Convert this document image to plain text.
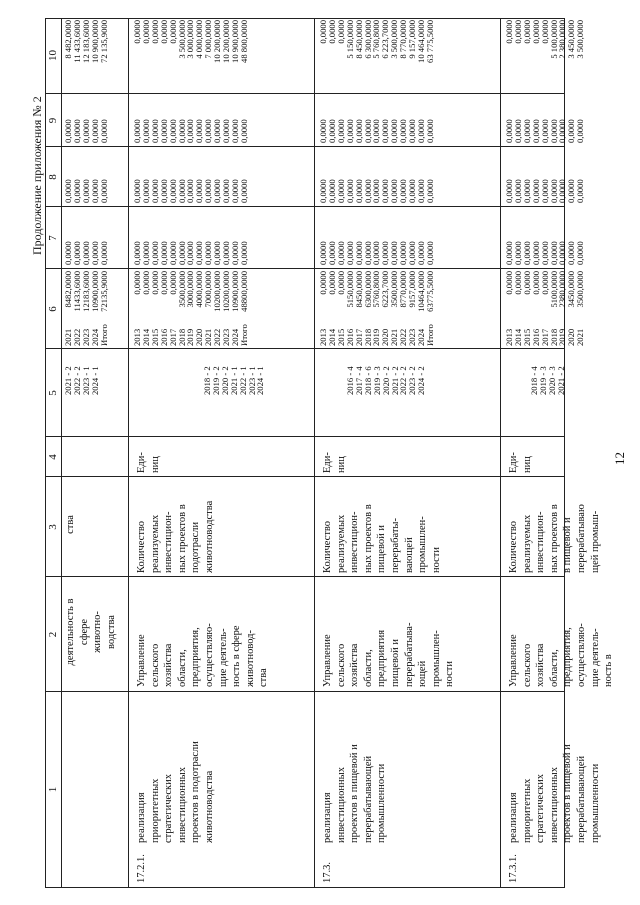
12
Продолжение приложения № 2
1
2
3
4
5
6
7
8
9
10
деятельность в
сфере
животно-
водства
ства
2021 - 2
2022 - 2
2023 - 1
2024 - 1
2021
2022
2023
2024
Итого
8482,0000
11433,6000
12183,6000
10900,0000
72135,9000
0,0000
0,0000
0,0000
0,0000
0,0000
0,0000
0,0000
0,0000
0,0000
0,0000
0,0000
0,0000
0,0000
0,0000
0,0000
8 482,0000
11 433,6000
12 183,6000
10 900,0000
72 135,9000
17.2.1.
реализация
приоритетных
стратегических
инвестиционных
проектов в подотрасли
животноводства
Управление
сельского
хозяйства
области,
предприятия,
осуществляю-
щие деятель-
ность в сфере
животновод-
ства
Количество
реализуемых
инвестицион-
ных проектов в
подотрасли
животноводства
Еди-
ниц
2018 - 2
2019 - 2
2020 - 2
2021 - 1
2022 - 1
2023 - 1
2024 - 1
2013
2014
2015
2016
2017
2018
2019
2020
2021
2022
2023
2024
Итого
0,0000
0,0000
0,0000
0,0000
0,0000
3500,0000
3000,0000
4000,0000
7000,0000
10200,0000
10200,0000
10900,0000
48800,0000
0,0000
0,0000
0,0000
0,0000
0,0000
0,0000
0,0000
0,0000
0,0000
0,0000
0,0000
0,0000
0,0000
0,0000
0,0000
0,0000
0,0000
0,0000
0,0000
0,0000
0,0000
0,0000
0,0000
0,0000
0,0000
0,0000
0,0000
0,0000
0,0000
0,0000
0,0000
0,0000
0,0000
0,0000
0,0000
0,0000
0,0000
0,0000
0,0000
0,0000
0,0000
0,0000
0,0000
0,0000
3 500,0000
3 000,0000
4 000,0000
7 000,0000
10 200,0000
10 200,0000
10 900,0000
48 800,0000
17.3.
реализация
инвестиционных
проектов в пищевой и
перерабатывающей
промышленности
Управление
сельского
хозяйства
области,
предприятия
пищевой и
перерабатыва-
ющей
промышлен-
ности
Количество
реализуемых
инвестицион-
ных проектов в
пищевой и
перерабаты-
вающей
промышлен-
ности
Еди-
ниц
2016 - 4
2017 - 4
2018 - 6
2019 - 3
2020 - 2
2021 - 2
2022 - 2
2023 - 2
2024 - 2
2013
2014
2015
2016
2017
2018
2019
2020
2021
2022
2023
2024
Итого
0,0000
0,0000
0,0000
5150,0000
8450,0000
6300,0000
5760,8000
6223,7000
3500,0000
8770,0000
9157,0000
10464,0000
63775,5000
0,0000
0,0000
0,0000
0,0000
0,0000
0,0000
0,0000
0,0000
0,0000
0,0000
0,0000
0,0000
0,0000
0,0000
0,0000
0,0000
0,0000
0,0000
0,0000
0,0000
0,0000
0,0000
0,0000
0,0000
0,0000
0,0000
0,0000
0,0000
0,0000
0,0000
0,0000
0,0000
0,0000
0,0000
0,0000
0,0000
0,0000
0,0000
0,0000
0,0000
0,0000
0,0000
5 150,0000
8 450,0000
6 300,0000
5 760,8000
6 223,7000
3 500,0000
8 770,0000
9 157,0000
10 464,0000
63 775,5000
17.3.1.
реализация
приоритетных
стратегических
инвестиционных
проектов в пищевой и
перерабатывающей
промышленности
Управление
сельского
хозяйства
области,
предприятия,
осуществляю-
щие деятель-
ность в
Количество
реализуемых
инвестицион-
ных проектов в
в пищевой и
перерабатываю
щей промыш-
Еди-
ниц
2018 - 4
2019 - 3
2020 - 3
2021 - 2
2013
2014
2015
2016
2017
2018
2019
2020
2021
0,0000
0,0000
0,0000
0,0000
0,0000
5100,0000
2380,0000
3450,0000
3500,0000
0,0000
0,0000
0,0000
0,0000
0,0000
0,0000
0,0000
0,0000
0,0000
0,0000
0,0000
0,0000
0,0000
0,0000
0,0000
0,0000
0,0000
0,0000
0,0000
0,0000
0,0000
0,0000
0,0000
0,0000
0,0000
0,0000
0,0000
0,0000
0,0000
0,0000
0,0000
0,0000
5 100,0000
2 380,0000
3 450,0000
3 500,0000
